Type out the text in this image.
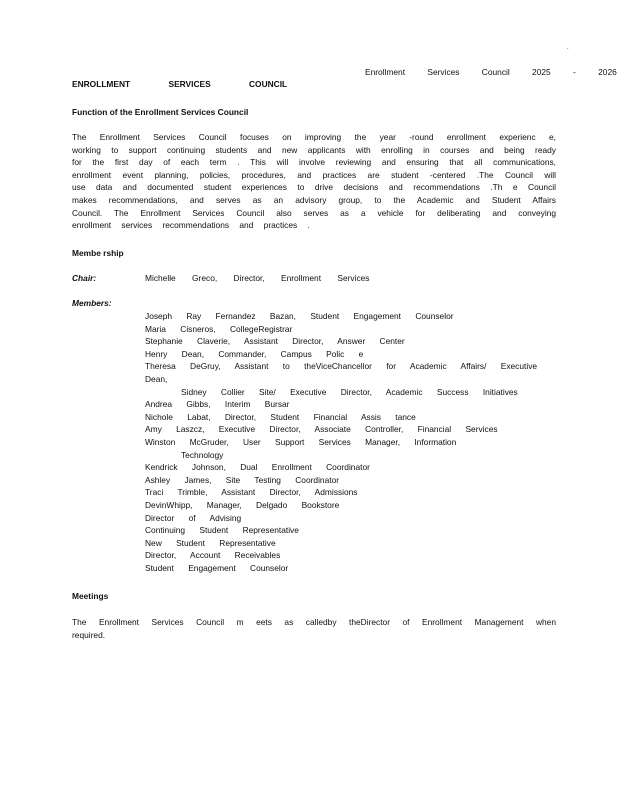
.
Enrollment Services Council 2025 - 2026
ENROLLMENT SERVICES COUNCIL
Function of the Enrollment Services Council
The Enrollment Services Council focuses on improving the year -round enrollment experienc e, working to support continuing students and new applicants with enrolling in courses and being ready for the first day of each term . This will involve reviewing and ensuring that all communications, enrollment event planning, policies, procedures, and practices are student -centered .The Council will use data and documented student experiences to drive decisions and recommendations .Th e Council makes recommendations, and serves as an advisory group, to the Academic and Student Affairs Council. The Enrollment Services Council also serves as a vehicle for deliberating and conveying enrollment services recommendations and practices .
Membe rship
Chair:	Michelle Greco, Director, Enrollment Services
Members:
Joseph Ray Fernandez Bazan, Student Engagement Counselor
Maria Cisneros, CollegeRegistrar
Stephanie Claverie, Assistant Director, Answer Center
Henry Dean, Commander, Campus Polic e
Theresa DeGruy, Assistant to theViceChancellor for Academic Affairs/ Executive Dean,
Sidney Collier Site/ Executive Director, Academic Success Initiatives
Andrea Gibbs, Interim Bursar
Nichole Labat, Director, Student Financial Assis tance
Amy Laszcz, Executive Director, Associate Controller, Financial Services
Winston McGruder, User Support Services Manager, Information
Technology
Kendrick Johnson, Dual Enrollment Coordinator
Ashley James, Site Testing Coordinator
Traci Trimble, Assistant Director, Admissions
DevinWhipp, Manager, Delgado Bookstore
Director of Advising
Continuing Student Representative
New Student Representative
Director, Account Receivables
Student Engagement Counselor
Meetings
The Enrollment Services Council m eets as calledby theDirector of Enrollment Management when required.
